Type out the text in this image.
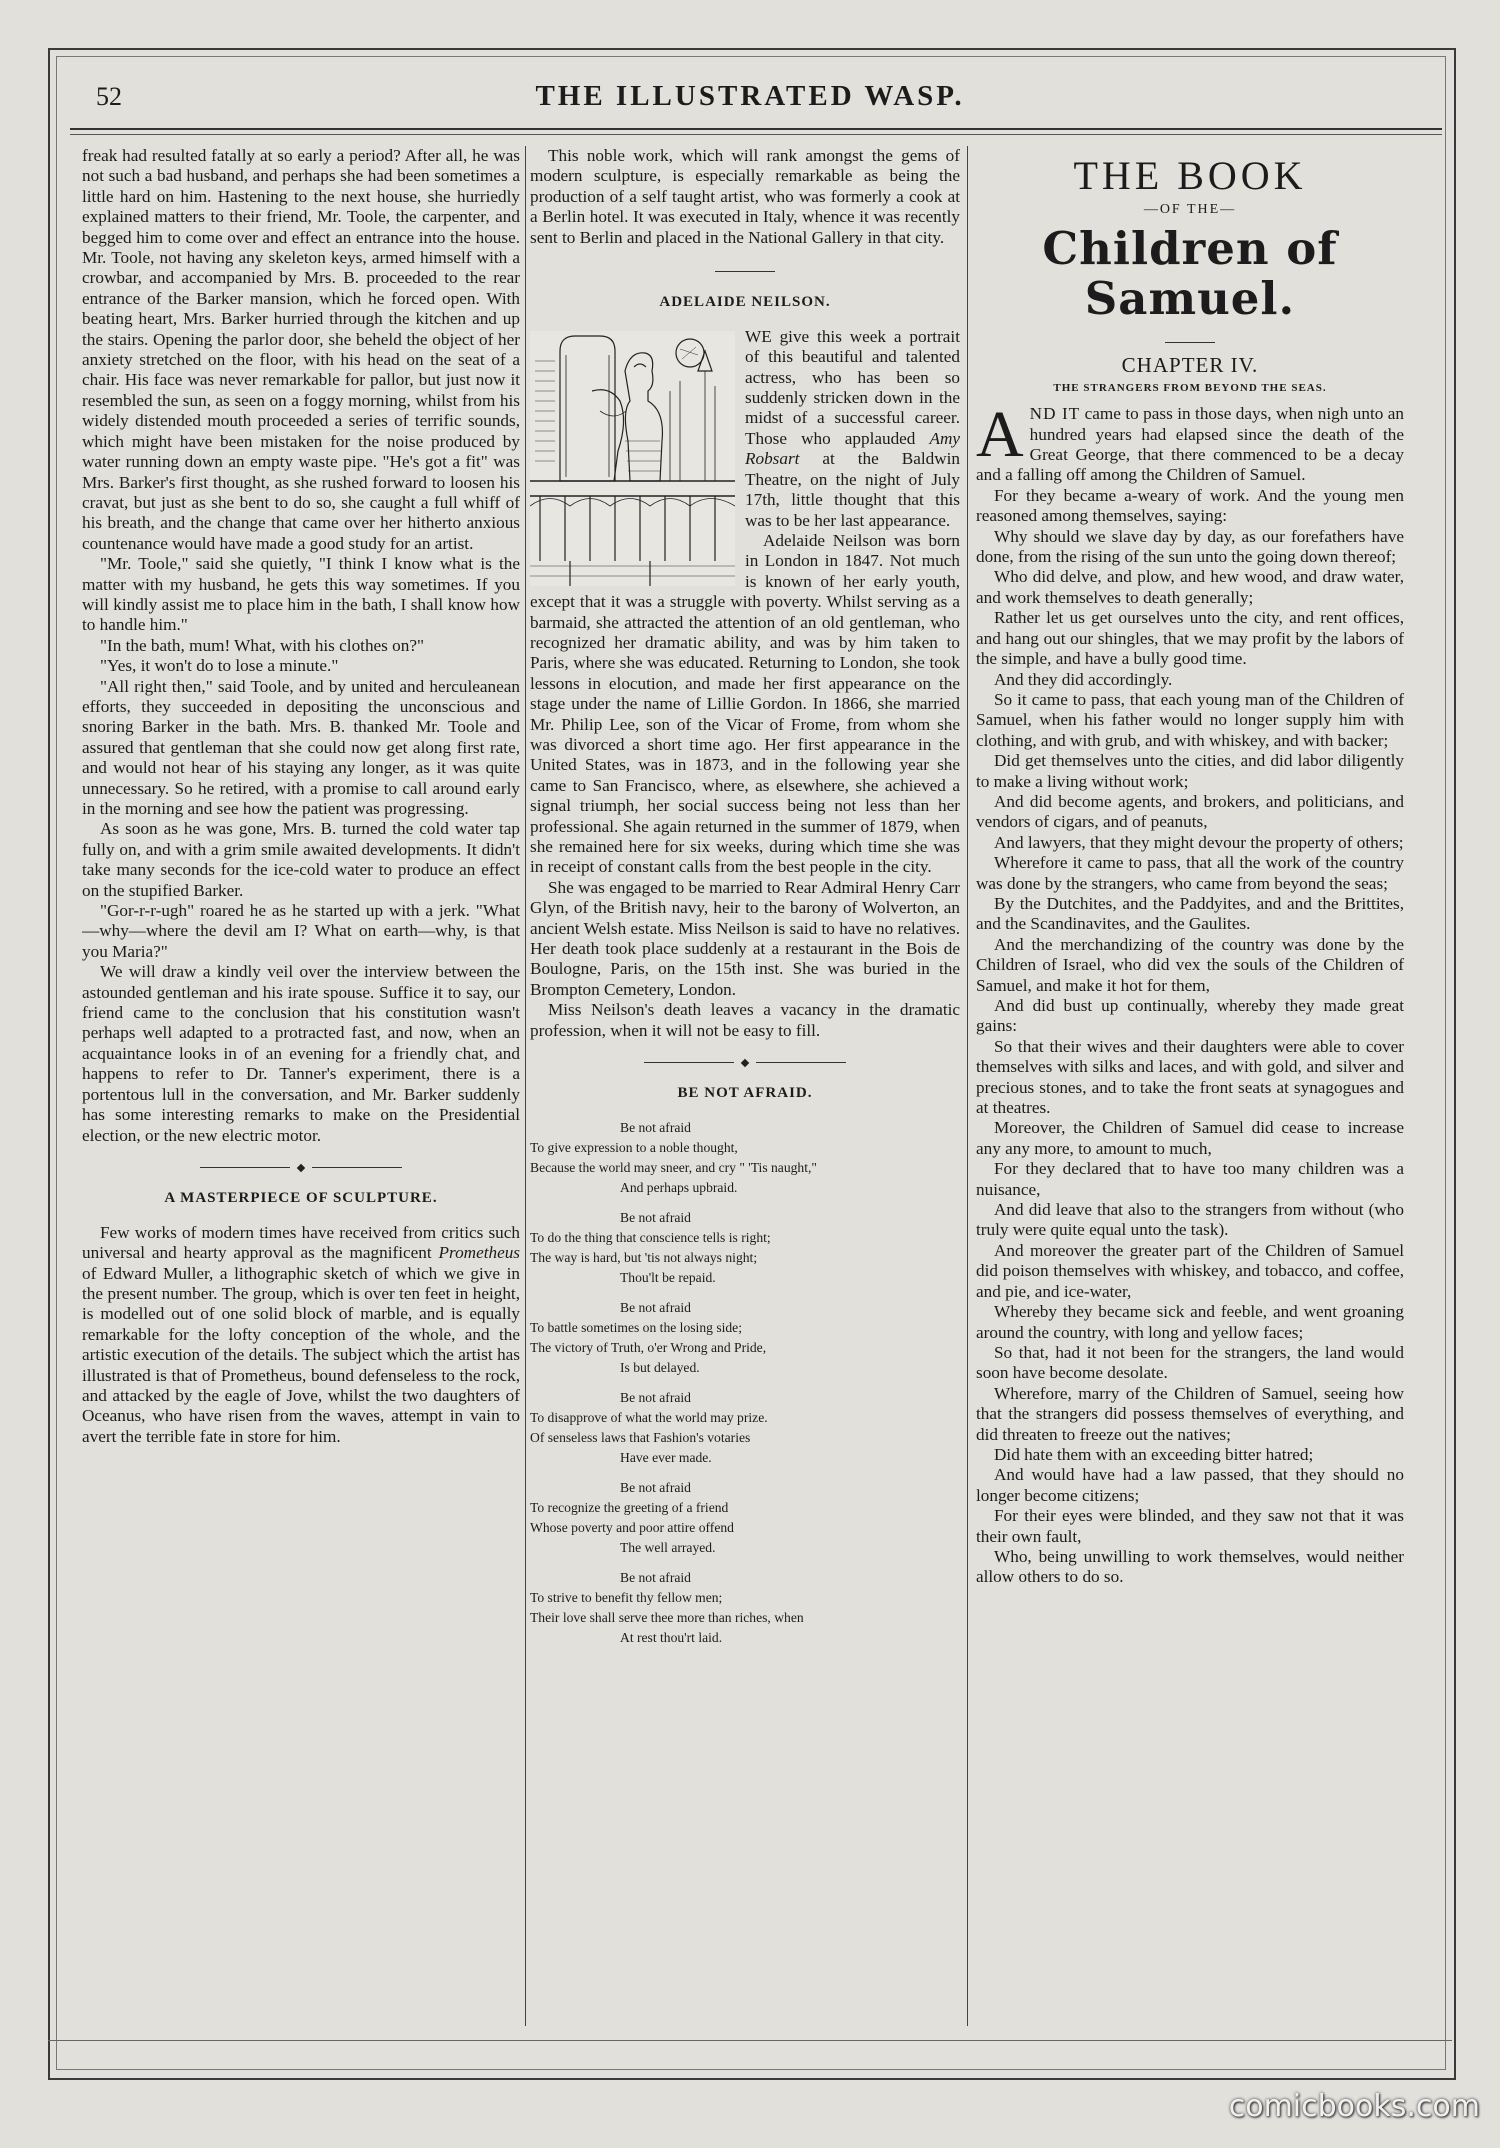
52	THE ILLUSTRATED WASP.

freak had resulted fatally at so early a period? After all, he was not such a bad husband, and perhaps she had been sometimes a little hard on him. Hastening to the next house, she hurriedly explained matters to their friend, Mr. Toole, the carpenter, and begged him to come over and effect an entrance into the house. Mr. Toole, not having any skeleton keys, armed himself with a crowbar, and accompanied by Mrs. B. proceeded to the rear entrance of the Barker mansion, which he forced open. With beating heart, Mrs. Barker hurried through the kitchen and up the stairs. Opening the parlor door, she beheld the object of her anxiety stretched on the floor, with his head on the seat of a chair. His face was never remarkable for pallor, but just now it resembled the sun, as seen on a foggy morning, whilst from his widely distended mouth proceeded a series of terrific sounds, which might have been mistaken for the noise produced by water running down an empty waste pipe. "He's got a fit" was Mrs. Barker's first thought, as she rushed forward to loosen his cravat, but just as she bent to do so, she caught a full whiff of his breath, and the change that came over her hitherto anxious countenance would have made a good study for an artist.

"Mr. Toole," said she quietly, "I think I know what is the matter with my husband, he gets this way sometimes. If you will kindly assist me to place him in the bath, I shall know how to handle him."

"In the bath, mum! What, with his clothes on?"

"Yes, it won't do to lose a minute."

"All right then," said Toole, and by united and herculeanean efforts, they succeeded in depositing the unconscious and snoring Barker in the bath. Mrs. B. thanked Mr. Toole and assured that gentleman that she could now get along first rate, and would not hear of his staying any longer, as it was quite unnecessary. So he retired, with a promise to call around early in the morning and see how the patient was progressing.

As soon as he was gone, Mrs. B. turned the cold water tap fully on, and with a grim smile awaited developments. It didn't take many seconds for the ice-cold water to produce an effect on the stupified Barker.

"Gor-r-r-ugh" roared he as he started up with a jerk. "What—why—where the devil am I? What on earth—why, is that you Maria?"

We will draw a kindly veil over the interview between the astounded gentleman and his irate spouse. Suffice it to say, our friend came to the conclusion that his constitution wasn't perhaps well adapted to a protracted fast, and now, when an acquaintance looks in of an evening for a friendly chat, and happens to refer to Dr. Tanner's experiment, there is a portentous lull in the conversation, and Mr. Barker suddenly has some interesting remarks to make on the Presidential election, or the new electric motor.

A MASTERPIECE OF SCULPTURE.

Few works of modern times have received from critics such universal and hearty approval as the magnificent Prometheus of Edward Muller, a lithographic sketch of which we give in the present number. The group, which is over ten feet in height, is modelled out of one solid block of marble, and is equally remarkable for the lofty conception of the whole, and the artistic execution of the details. The subject which the artist has illustrated is that of Prometheus, bound defenseless to the rock, and attacked by the eagle of Jove, whilst the two daughters of Oceanus, who have risen from the waves, attempt in vain to avert the terrible fate in store for him.

This noble work, which will rank amongst the gems of modern sculpture, is especially remarkable as being the production of a self taught artist, who was formerly a cook at a Berlin hotel. It was executed in Italy, whence it was recently sent to Berlin and placed in the National Gallery in that city.

ADELAIDE NEILSON.

WE give this week a portrait of this beautiful and talented actress, who has been so suddenly stricken down in the midst of a successful career. Those who applauded Amy Robsart at the Baldwin Theatre, on the night of July 17th, little thought that this was to be her last appearance.

Adelaide Neilson was born in London in 1847. Not much is known of her early youth, except that it was a struggle with poverty. Whilst serving as a barmaid, she attracted the attention of an old gentleman, who recognized her dramatic ability, and was by him taken to Paris, where she was educated. Returning to London, she took lessons in elocution, and made her first appearance on the stage under the name of Lillie Gordon. In 1866, she married Mr. Philip Lee, son of the Vicar of Frome, from whom she was divorced a short time ago. Her first appearance in the United States, was in 1873, and in the following year she came to San Francisco, where, as elsewhere, she achieved a signal triumph, her social success being not less than her professional. She again returned in the summer of 1879, when she remained here for six weeks, during which time she was in receipt of constant calls from the best people in the city.

She was engaged to be married to Rear Admiral Henry Carr Glyn, of the British navy, heir to the barony of Wolverton, an ancient Welsh estate. Miss Neilson is said to have no relatives. Her death took place suddenly at a restaurant in the Bois de Boulogne, Paris, on the 15th inst. She was buried in the Brompton Cemetery, London.

Miss Neilson's death leaves a vacancy in the dramatic profession, when it will not be easy to fill.

BE NOT AFRAID.
Be not afraid
To give expression to a noble thought,
Because the world may sneer, and cry " 'Tis naught,"
And perhaps upbraid.
Be not afraid
To do the thing that conscience tells is right;
The way is hard, but 'tis not always night;
Thou'lt be repaid.
Be not afraid
To battle sometimes on the losing side;
The victory of Truth, o'er Wrong and Pride,
Is but delayed.
Be not afraid
To disapprove of what the world may prize.
Of senseless laws that Fashion's votaries
Have ever made.
Be not afraid
To recognize the greeting of a friend
Whose poverty and poor attire offend
The well arrayed.
Be not afraid
To strive to benefit thy fellow men;
Their love shall serve thee more than riches, when
At rest thou'rt laid.
THE BOOK
—OF THE—
Children of Samuel.
CHAPTER IV.
THE STRANGERS FROM BEYOND THE SEAS.

AND IT came to pass in those days, when nigh unto an hundred years had elapsed since the death of the Great George, that there commenced to be a decay and a falling off among the Children of Samuel.

For they became a-weary of work. And the young men reasoned among themselves, saying:

Why should we slave day by day, as our forefathers have done, from the rising of the sun unto the going down thereof;

Who did delve, and plow, and hew wood, and draw water, and work themselves to death generally;

Rather let us get ourselves unto the city, and rent offices, and hang out our shingles, that we may profit by the labors of the simple, and have a bully good time.

And they did accordingly.

So it came to pass, that each young man of the Children of Samuel, when his father would no longer supply him with clothing, and with grub, and with whiskey, and with backer;

Did get themselves unto the cities, and did labor diligently to make a living without work;

And did become agents, and brokers, and politicians, and vendors of cigars, and of peanuts,

And lawyers, that they might devour the property of others;

Wherefore it came to pass, that all the work of the country was done by the strangers, who came from beyond the seas;

By the Dutchites, and the Paddyites, and and the Brittites, and the Scandinavites, and the Gaulites.

And the merchandizing of the country was done by the Children of Israel, who did vex the souls of the Children of Samuel, and make it hot for them,

And did bust up continually, whereby they made great gains:

So that their wives and their daughters were able to cover themselves with silks and laces, and with gold, and silver and precious stones, and to take the front seats at synagogues and at theatres.

Moreover, the Children of Samuel did cease to increase any any more, to amount to much,

For they declared that to have too many children was a nuisance,

And did leave that also to the strangers from without (who truly were quite equal unto the task).

And moreover the greater part of the Children of Samuel did poison themselves with whiskey, and tobacco, and coffee, and pie, and ice-water,

Whereby they became sick and feeble, and went groaning around the country, with long and yellow faces;

So that, had it not been for the strangers, the land would soon have become desolate.

Wherefore, marry of the Children of Samuel, seeing how that the strangers did possess themselves of everything, and did threaten to freeze out the natives;

Did hate them with an exceeding bitter hatred;

And would have had a law passed, that they should no longer become citizens;

For their eyes were blinded, and they saw not that it was their own fault,

Who, being unwilling to work themselves, would neither allow others to do so.

comicbooks.com
